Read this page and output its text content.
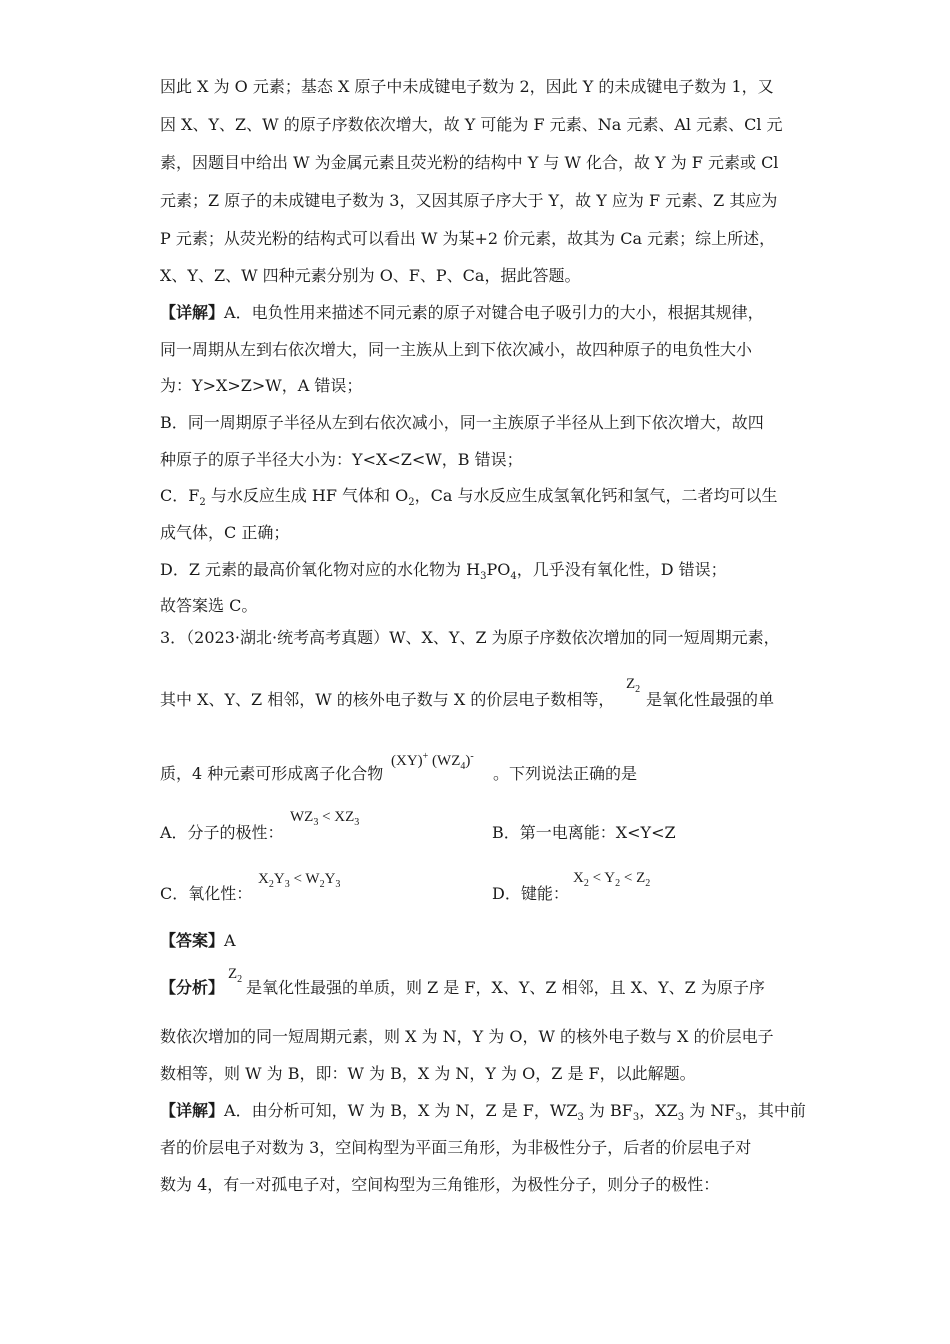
因此 X 为 O 元素；基态 X 原子中未成键电子数为 2，因此 Y 的未成键电子数为 1，又
因 X、Y、Z、W 的原子序数依次增大，故 Y 可能为 F 元素、Na 元素、Al 元素、Cl 元
素，因题目中给出 W 为金属元素且荧光粉的结构中 Y 与 W 化合，故 Y 为 F 元素或 Cl
元素；Z 原子的未成键电子数为 3，又因其原子序大于 Y，故 Y 应为 F 元素、Z 其应为
P 元素；从荧光粉的结构式可以看出 W 为某+2 价元素，故其为 Ca 元素；综上所述，
X、Y、Z、W 四种元素分别为 O、F、P、Ca，据此答题。
【详解】A．电负性用来描述不同元素的原子对键合电子吸引力的大小，根据其规律，
同一周期从左到右依次增大，同一主族从上到下依次减小，故四种原子的电负性大小
为：Y>X>Z>W，A 错误；
B．同一周期原子半径从左到右依次减小，同一主族原子半径从上到下依次增大，故四
种原子的原子半径大小为：Y<X<Z<W，B 错误；
C．$F_2$ 与水反应生成 HF 气体和 $O_2$，Ca 与水反应生成氢氧化钙和氢气，二者均可以生
成气体，C 正确；
D．Z 元素的最高价氧化物对应的水化物为 $H_3PO_4$，几乎没有氧化性，D 错误；
故答案选 C。
3．（2023·湖北·统考高考真题）W、X、Y、Z 为原子序数依次增加的同一短周期元素，
其中 X、Y、Z 相邻，W 的核外电子数与 X 的价层电子数相等，
$Z_2$
是氧化性最强的单
质，4 种元素可形成离子化合物
(XY)+ $(WZ_4)^-$
。下列说法正确的是
A．分子的极性：
$WZ_3 < XZ_3$
B．第一电离能：X<Y<Z
C．氧化性：
$X_2Y_3 < W_2Y_3$	D．键能：
$X_2 < Y_2 < Z_2$
【答案】A
【分析】
$Z_2$ 是氧化性最强的单质，则 Z 是 F，X、Y、Z 相邻，且 X、Y、Z 为原子序
数依次增加的同一短周期元素，则 X 为 N，Y 为 O，W 的核外电子数与 X 的价层电子
数相等，则 W 为 B，即：W 为 B，X 为 N，Y 为 O，Z 是 F，以此解题。
【详解】A．由分析可知，W 为 B，X 为 N，Z 是 F，$WZ_3$ 为 $BF_3$，$XZ_3$ 为 $NF_3$，其中前
者的价层电子对数为 3，空间构型为平面三角形，为非极性分子，后者的价层电子对
数为 4，有一对孤电子对，空间构型为三角锥形，为极性分子，则分子的极性：
